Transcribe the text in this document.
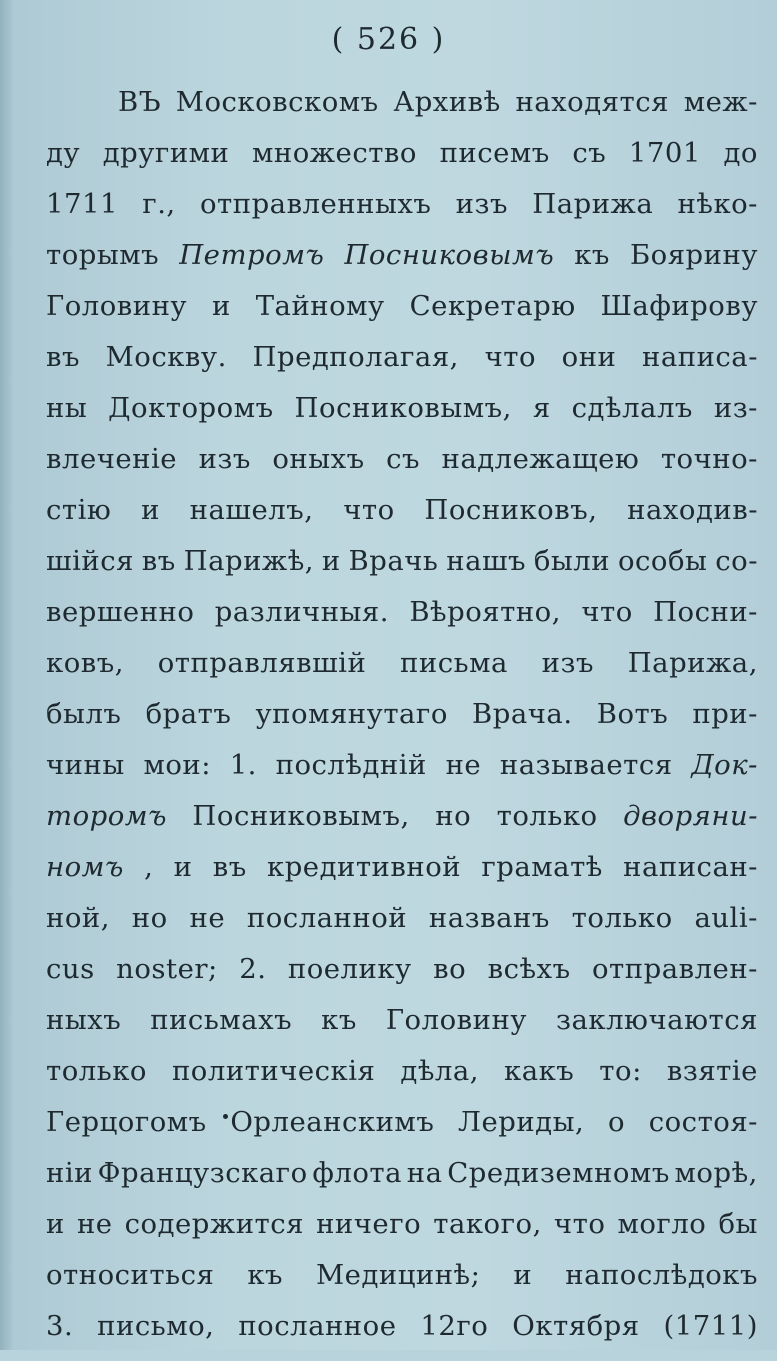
( 526 )
ВЪ Московскомъ Архивѣ находятся меж-
ду другими множество писемъ съ 1701 до
1711 г., отправленныхъ изъ Парижа нѣко-
торымъ Петромъ Посниковымъ къ Боярину
Головину и Тайному Секретарю Шафирову
въ Москву. Предполагая, что они написа-
ны Докторомъ Посниковымъ, я сдѣлалъ из-
влеченіе изъ оныхъ съ надлежащею точно-
стію и нашелъ, что Посниковъ, находив-
шійся въ Парижѣ, и Врачь нашъ были особы со-
вершенно различныя. Вѣроятно, что Посни-
ковъ, отправлявшій письма изъ Парижа,
былъ братъ упомянутаго Врача. Вотъ при-
чины мои: 1. послѣдній не называется Док-
торомъ Посниковымъ, но только дворяни-
номъ , и въ кредитивной граматѣ написан-
ной, но не посланной названъ только auli-
cus noster; 2. поелику во всѣхъ отправлен-
ныхъ письмахъ къ Головину заключаются
только политическія дѣла, какъ то: взятіе
Герцогомъ Орлеанскимъ Лериды, о состоя-
ніи Французскаго флота на Средиземномъ морѣ,
и не содержится ничего такого, что могло бы
относиться къ Медицинѣ; и напослѣдокъ
3. письмо, посланное 12го Октября (1711)
